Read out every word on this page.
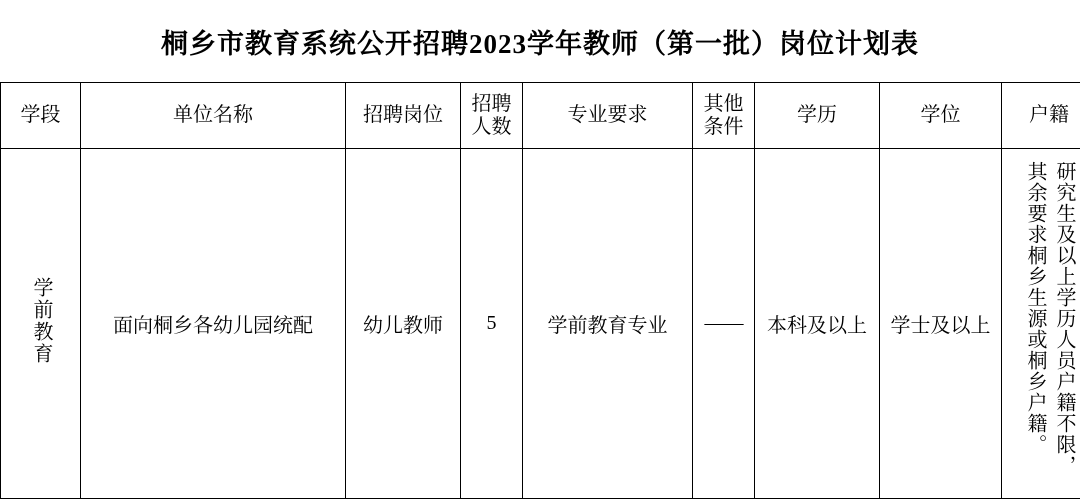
桐乡市教育系统公开招聘2023学年教师（第一批）岗位计划表
学段	单位名称	招聘岗位	招聘人数	专业要求	其他条件	学历	学位	户籍
学前教育	面向桐乡各幼儿园统配	幼儿教师	5	学前教育专业	——	本科及以上	学士及以上	研究生及以上学历人员户籍不限，其余要求桐乡生源或桐乡户籍。
